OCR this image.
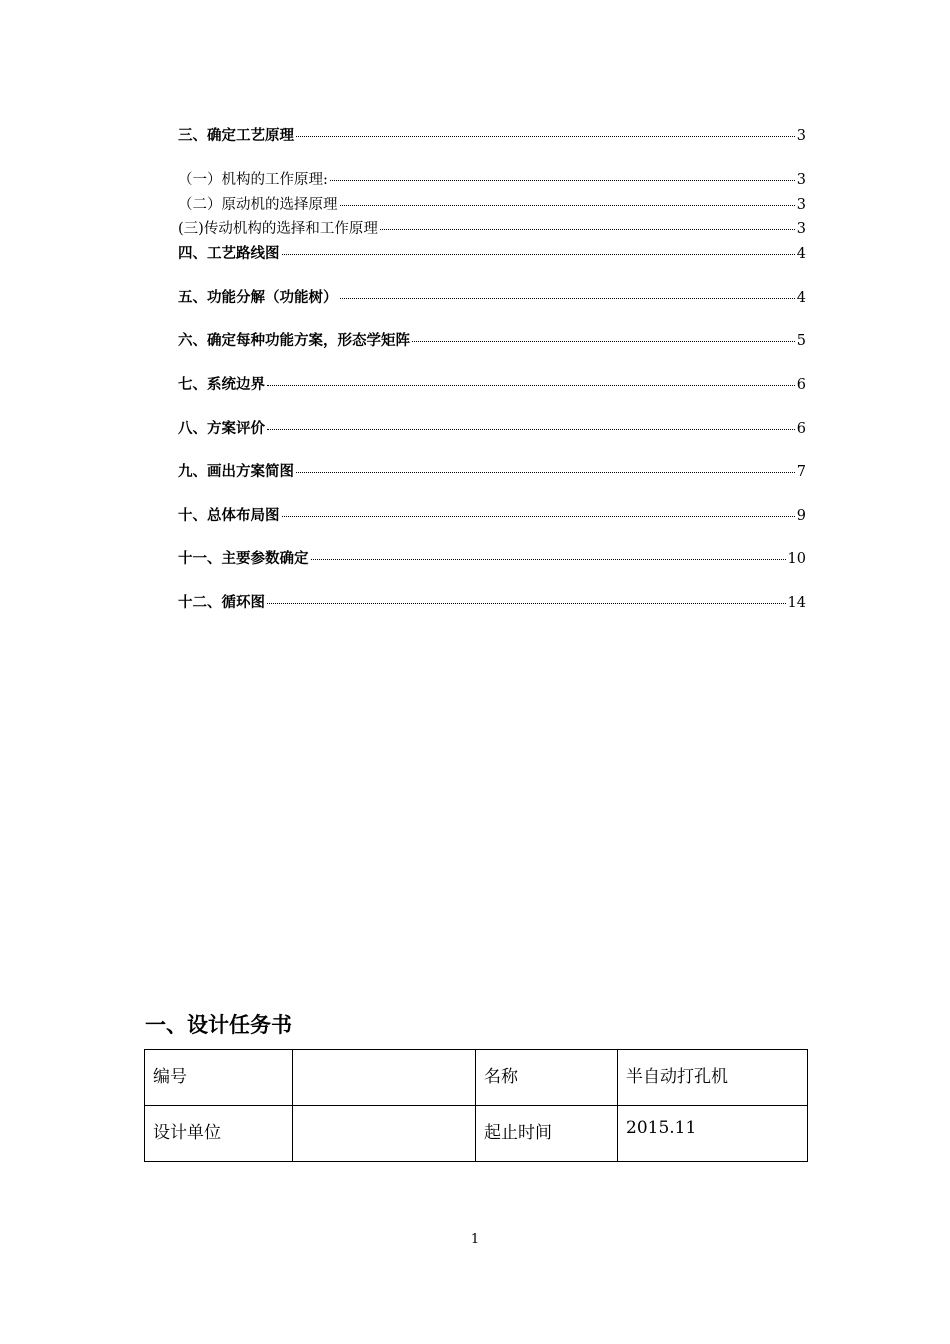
三、确定工艺原理	3
（一）机构的工作原理:	3
（二）原动机的选择原理	3
(三)传动机构的选择和工作原理	3
四、工艺路线图	4
五、功能分解（功能树）	4
六、确定每种功能方案，形态学矩阵	5
七、系统边界	6
八、方案评价	6
九、画出方案简图	7
十、总体布局图	9
十一、主要参数确定	10
十二、循环图	14
一、设计任务书
编号		名称	半自动打孔机
设计单位		起止时间	2015.11
1
